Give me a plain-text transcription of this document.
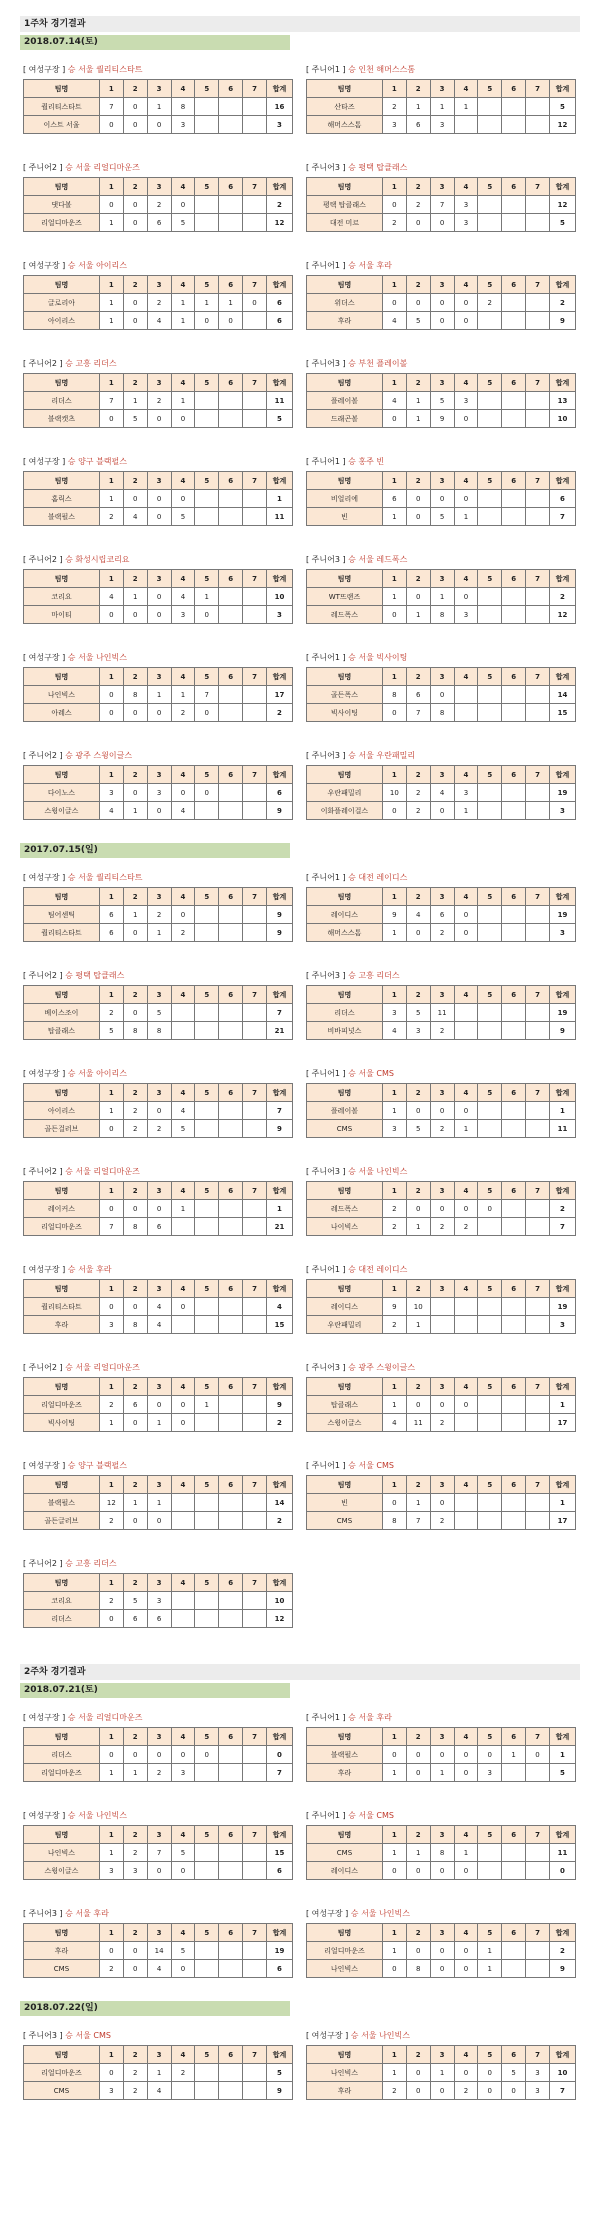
1주차 경기결과
2018.07.14(토)
[ 여성구장 ] 승 서울 퀄리티스타트
팀명	1	2	3	4	5	6	7	합계
퀄리티스타트	7	0	1	8				16
이스트 서울	0	0	0	3				3
[ 주니어1 ] 승 인천 해머스스톰
팀명	1	2	3	4	5	6	7	합계
산타즈	2	1	1	1				5
해머스스톰	3	6	3					12
[ 주니어2 ] 승 서울 리얼디마운즈
팀명	1	2	3	4	5	6	7	합계
댓다볼	0	0	2	0				2
리얼디마운즈	1	0	6	5				12
[ 주니어3 ] 승 평택 탑클래스
팀명	1	2	3	4	5	6	7	합계
평택 탑클래스	0	2	7	3				12
대전 미르	2	0	0	3				5
[ 여성구장 ] 승 서울 아이리스
팀명	1	2	3	4	5	6	7	합계
글로리아	1	0	2	1	1	1	0	6
아이리스	1	0	4	1	0	0		6
[ 주니어1 ] 승 서울 후라
팀명	1	2	3	4	5	6	7	합계
위더스	0	0	0	0	2			2
후라	4	5	0	0				9
[ 주니어2 ] 승 고흥 리더스
팀명	1	2	3	4	5	6	7	합계
리더스	7	1	2	1				11
블랙캣츠	0	5	0	0				5
[ 주니어3 ] 승 부천 플레이볼
팀명	1	2	3	4	5	6	7	합계
플레이볼	4	1	5	3				13
드래곤볼	0	1	9	0				10
[ 여성구장 ] 승 양구 블랙펄스
팀명	1	2	3	4	5	6	7	합계
홈릭스	1	0	0	0				1
블랙펄스	2	4	0	5				11
[ 주니어1 ] 승 홍주 빈
팀명	1	2	3	4	5	6	7	합계
비얼리에	6	0	0	0				6
빈	1	0	5	1				7
[ 주니어2 ] 승 화성시립코리요
팀명	1	2	3	4	5	6	7	합계
코리요	4	1	0	4	1			10
마이티	0	0	0	3	0			3
[ 주니어3 ] 승 서울 레드폭스
팀명	1	2	3	4	5	6	7	합계
WT뜨랜즈	1	0	1	0				2
레드폭스	0	1	8	3				12
[ 여성구장 ] 승 서울 나인빅스
팀명	1	2	3	4	5	6	7	합계
나인빅스	0	8	1	1	7			17
아레스	0	0	0	2	0			2
[ 주니어1 ] 승 서울 빅사이팅
팀명	1	2	3	4	5	6	7	합계
골든폭스	8	6	0					14
빅사이팅	0	7	8					15
[ 주니어2 ] 승 광주 스윙이글스
팀명	1	2	3	4	5	6	7	합계
다이노스	3	0	3	0	0			6
스윙이글스	4	1	0	4				9
[ 주니어3 ] 승 서울 우란패밀리
팀명	1	2	3	4	5	6	7	합계
우란패밀리	10	2	4	3				19
이화플레이걸스	0	2	0	1				3
2017.07.15(일)
[ 여성구장 ] 승 서울 퀄리티스타트
팀명	1	2	3	4	5	6	7	합계
팀어센틱	6	1	2	0				9
퀄리티스타트	6	0	1	2				9
[ 주니어1 ] 승 대전 레이디스
팀명	1	2	3	4	5	6	7	합계
레이디스	9	4	6	0				19
해머스스톰	1	0	2	0				3
[ 주니어2 ] 승 평택 탑클래스
팀명	1	2	3	4	5	6	7	합계
베이스조이	2	0	5					7
탑클래스	5	8	8					21
[ 주니어3 ] 승 고흥 리더스
팀명	1	2	3	4	5	6	7	합계
리더스	3	5	11					19
비바피넛스	4	3	2					9
[ 여성구장 ] 승 서울 아이리스
팀명	1	2	3	4	5	6	7	합계
아이리스	1	2	0	4				7
골든걸러브	0	2	2	5				9
[ 주니어1 ] 승 서울 CMS
팀명	1	2	3	4	5	6	7	합계
플레이볼	1	0	0	0				1
CMS	3	5	2	1				11
[ 주니어2 ] 승 서울 리얼디마운즈
팀명	1	2	3	4	5	6	7	합계
레이커스	0	0	0	1				1
리얼디마운즈	7	8	6					21
[ 주니어3 ] 승 서울 나인빅스
팀명	1	2	3	4	5	6	7	합계
레드폭스	2	0	0	0	0			2
나이빅스	2	1	2	2				7
[ 여성구장 ] 승 서울 후라
팀명	1	2	3	4	5	6	7	합계
퀄리티스타트	0	0	4	0				4
후라	3	8	4					15
[ 주니어1 ] 승 대전 레이디스
팀명	1	2	3	4	5	6	7	합계
레이디스	9	10						19
우란패밀리	2	1						3
[ 주니어2 ] 승 서울 리얼디마운즈
팀명	1	2	3	4	5	6	7	합계
리얼디마운즈	2	6	0	0	1			9
빅사이팅	1	0	1	0				2
[ 주니어3 ] 승 광주 스윙이글스
팀명	1	2	3	4	5	6	7	합계
탑클래스	1	0	0	0				1
스윙이글스	4	11	2					17
[ 여성구장 ] 승 양구 블랙펄스
팀명	1	2	3	4	5	6	7	합계
블랙펄스	12	1	1					14
골든글러브	2	0	0					2
[ 주니어1 ] 승 서울 CMS
팀명	1	2	3	4	5	6	7	합계
빈	0	1	0					1
CMS	8	7	2					17
[ 주니어2 ] 승 고흥 리더스
팀명	1	2	3	4	5	6	7	합계
코리요	2	5	3					10
리더스	0	6	6					12
2주차 경기결과
2018.07.21(토)
[ 여성구장 ] 승 서울 리얼디마운즈
팀명	1	2	3	4	5	6	7	합계
리더스	0	0	0	0	0			0
리얼디마운즈	1	1	2	3				7
[ 주니어1 ] 승 서울 후라
팀명	1	2	3	4	5	6	7	합계
블랙펄스	0	0	0	0	0	1	0	1
후라	1	0	1	0	3			5
[ 여성구장 ] 승 서울 나인빅스
팀명	1	2	3	4	5	6	7	합계
나인빅스	1	2	7	5				15
스윙이글스	3	3	0	0				6
[ 주니어1 ] 승 서울 CMS
팀명	1	2	3	4	5	6	7	합계
CMS	1	1	8	1				11
레이디스	0	0	0	0				0
[ 주니어3 ] 승 서울 후라
팀명	1	2	3	4	5	6	7	합계
후라	0	0	14	5				19
CMS	2	0	4	0				6
[ 여성구장 ] 승 서울 나인빅스
팀명	1	2	3	4	5	6	7	합계
리얼디마운즈	1	0	0	0	1			2
나인빅스	0	8	0	0	1			9
2018.07.22(일)
[ 주니어3 ] 승 서울 CMS
팀명	1	2	3	4	5	6	7	합계
리얼디마운즈	0	2	1	2				5
CMS	3	2	4					9
[ 여성구장 ] 승 서울 나인빅스
팀명	1	2	3	4	5	6	7	합계
나인빅스	1	0	1	0	0	5	3	10
후라	2	0	0	2	0	0	3	7
